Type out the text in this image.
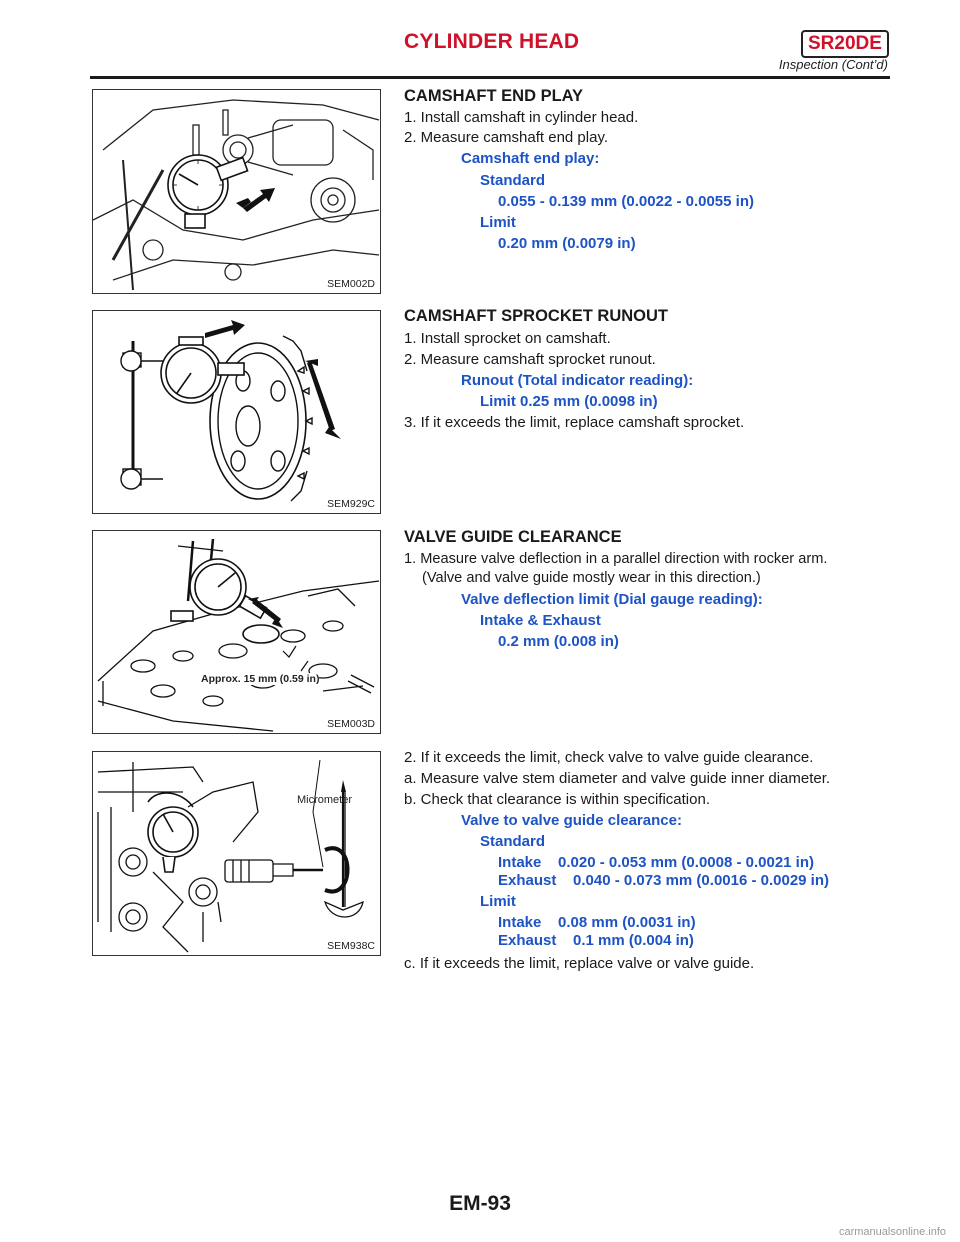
CYLINDER HEAD	SR20DE
Inspection (Cont’d)
SEM002D
CAMSHAFT END PLAY
1. Install camshaft in cylinder head.
2. Measure camshaft end play.
Camshaft end play:
Standard
0.055 - 0.139 mm (0.0022 - 0.0055 in)
Limit
0.20 mm (0.0079 in)
SEM929C
CAMSHAFT SPROCKET RUNOUT
1. Install sprocket on camshaft.
2. Measure camshaft sprocket runout.
Runout (Total indicator reading):
Limit 0.25 mm (0.0098 in)
3. If it exceeds the limit, replace camshaft sprocket.
Approx. 15 mm (0.59 in)
SEM003D
VALVE GUIDE CLEARANCE
1. Measure valve deflection in a parallel direction with rocker arm.
(Valve and valve guide mostly wear in this direction.)
Valve deflection limit (Dial gauge reading):
Intake & Exhaust
0.2 mm (0.008 in)
Micrometer
SEM938C
2. If it exceeds the limit, check valve to valve guide clearance.
a. Measure valve stem diameter and valve guide inner diameter.
b. Check that clearance is within specification.
Valve to valve guide clearance:
Standard
Intake    0.020 - 0.053 mm (0.0008 - 0.0021 in)
Exhaust    0.040 - 0.073 mm (0.0016 - 0.0029 in)
Limit
Intake    0.08 mm (0.0031 in)
Exhaust    0.1 mm (0.004 in)
c. If it exceeds the limit, replace valve or valve guide.
EM-93
carmanualsonline.info
